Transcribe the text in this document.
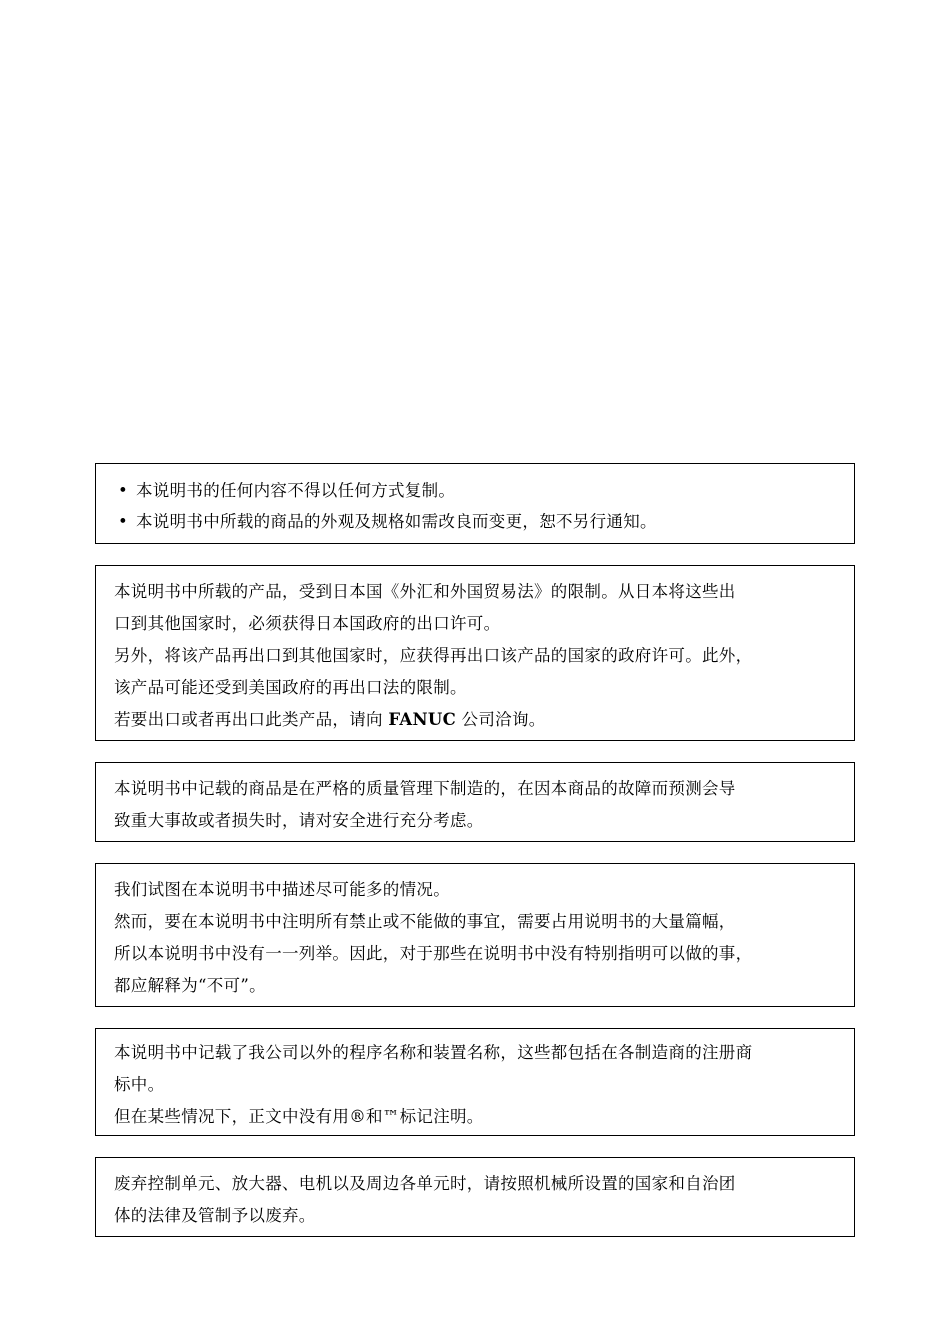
• 本说明书的任何内容不得以任何方式复制。
• 本说明书中所载的商品的外观及规格如需改良而变更，恕不另行通知。
本说明书中所载的产品，受到日本国《外汇和外国贸易法》的限制。从日本将这些出
口到其他国家时，必须获得日本国政府的出口许可。
另外，将该产品再出口到其他国家时，应获得再出口该产品的国家的政府许可。此外，
该产品可能还受到美国政府的再出口法的限制。
若要出口或者再出口此类产品，请向 FANUC 公司洽询。
本说明书中记载的商品是在严格的质量管理下制造的，在因本商品的故障而预测会导
致重大事故或者损失时，请对安全进行充分考虑。
我们试图在本说明书中描述尽可能多的情况。
然而，要在本说明书中注明所有禁止或不能做的事宜，需要占用说明书的大量篇幅，
所以本说明书中没有一一列举。因此，对于那些在说明书中没有特别指明可以做的事，
都应解释为“不可”。
本说明书中记载了我公司以外的程序名称和装置名称，这些都包括在各制造商的注册商
标中。
但在某些情况下，正文中没有用®和™标记注明。
废弃控制单元、放大器、电机以及周边各单元时，请按照机械所设置的国家和自治团
体的法律及管制予以废弃。
